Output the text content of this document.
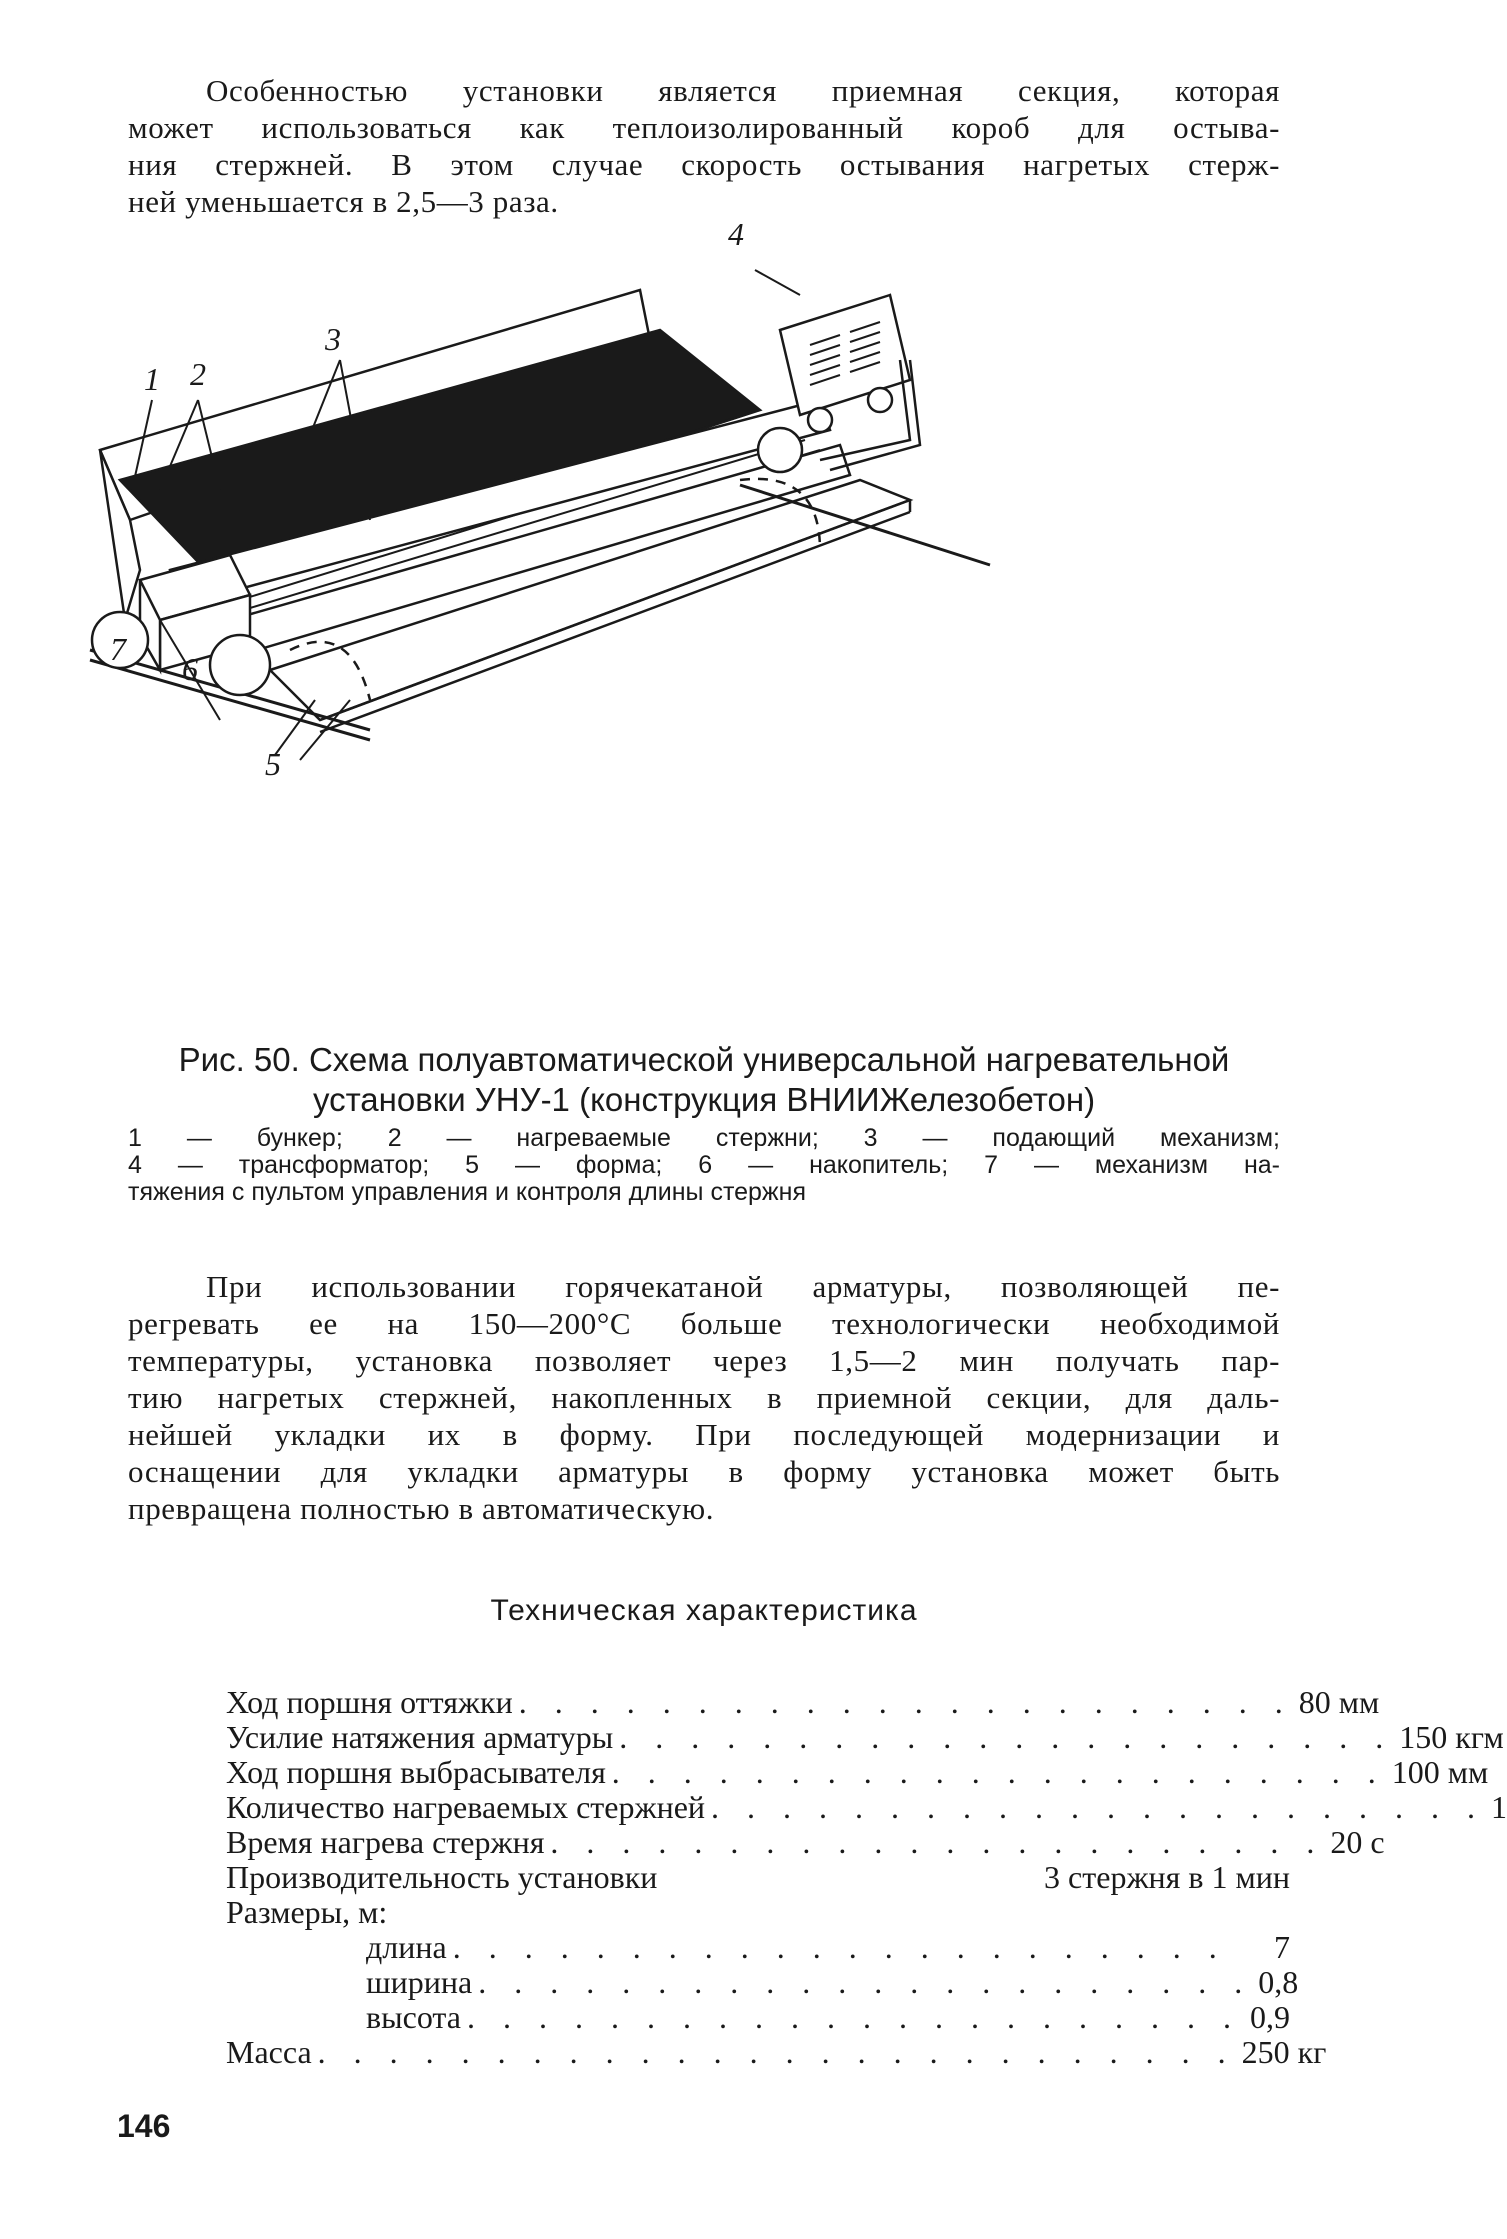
Особенностью установки является приемная секция, которая
может использоваться как теплоизолированный короб для остыва-
ния стержней. В этом случае скорость остывания нагретых стерж-
ней уменьшается в 2,5—3 раза.
1 2
3
4
5
6
7
Рис. 50. Схема полуавтоматической универсальной нагревательной
установки УНУ-1 (конструкция ВНИИЖелезобетон)
1 — бункер; 2 — нагреваемые стержни; 3 — подающий механизм;
4 — трансформатор; 5 — форма; 6 — накопитель; 7 — механизм на-
тяжения с пультом управления и контроля длины стержня
При использовании горячекатаной арматуры, позволяющей пе-
регревать ее на 150—200°С больше технологически необходимой
температуры, установка позволяет через 1,5—2 мин получать пар-
тию нагретых стержней, накопленных в приемной секции, для даль-
нейшей укладки их в форму. При последующей модернизации и
оснащении для укладки арматуры в форму установка может быть
превращена полностью в автоматическую.
Техническая характеристика
Ход поршня оттяжки . . . . . . . . . . . . . . . . . . . . . . 80 мм
Усилие натяжения арматуры . . . . . . . . . . . . . . . . . . . . . . 150 кгм
Ход поршня выбрасывателя . . . . . . . . . . . . . . . . . . . . . . 100 мм
Количество нагреваемых стержней . . . . . . . . . . . . . . . . . . . . . . 1
Время нагрева стержня . . . . . . . . . . . . . . . . . . . . . . 20 с
Производительность установки	3 стержня в 1 мин
Размеры, м:
длина . . . . . . . . . . . . . . . . . . . . . .	7
ширина . . . . . . . . . . . . . . . . . . . . . . 0,8
высота . . . . . . . . . . . . . . . . . . . . . . 0,9
Масса . . . . . . . . . . . . . . . . . . . . . . . . . . 250 кг
146
